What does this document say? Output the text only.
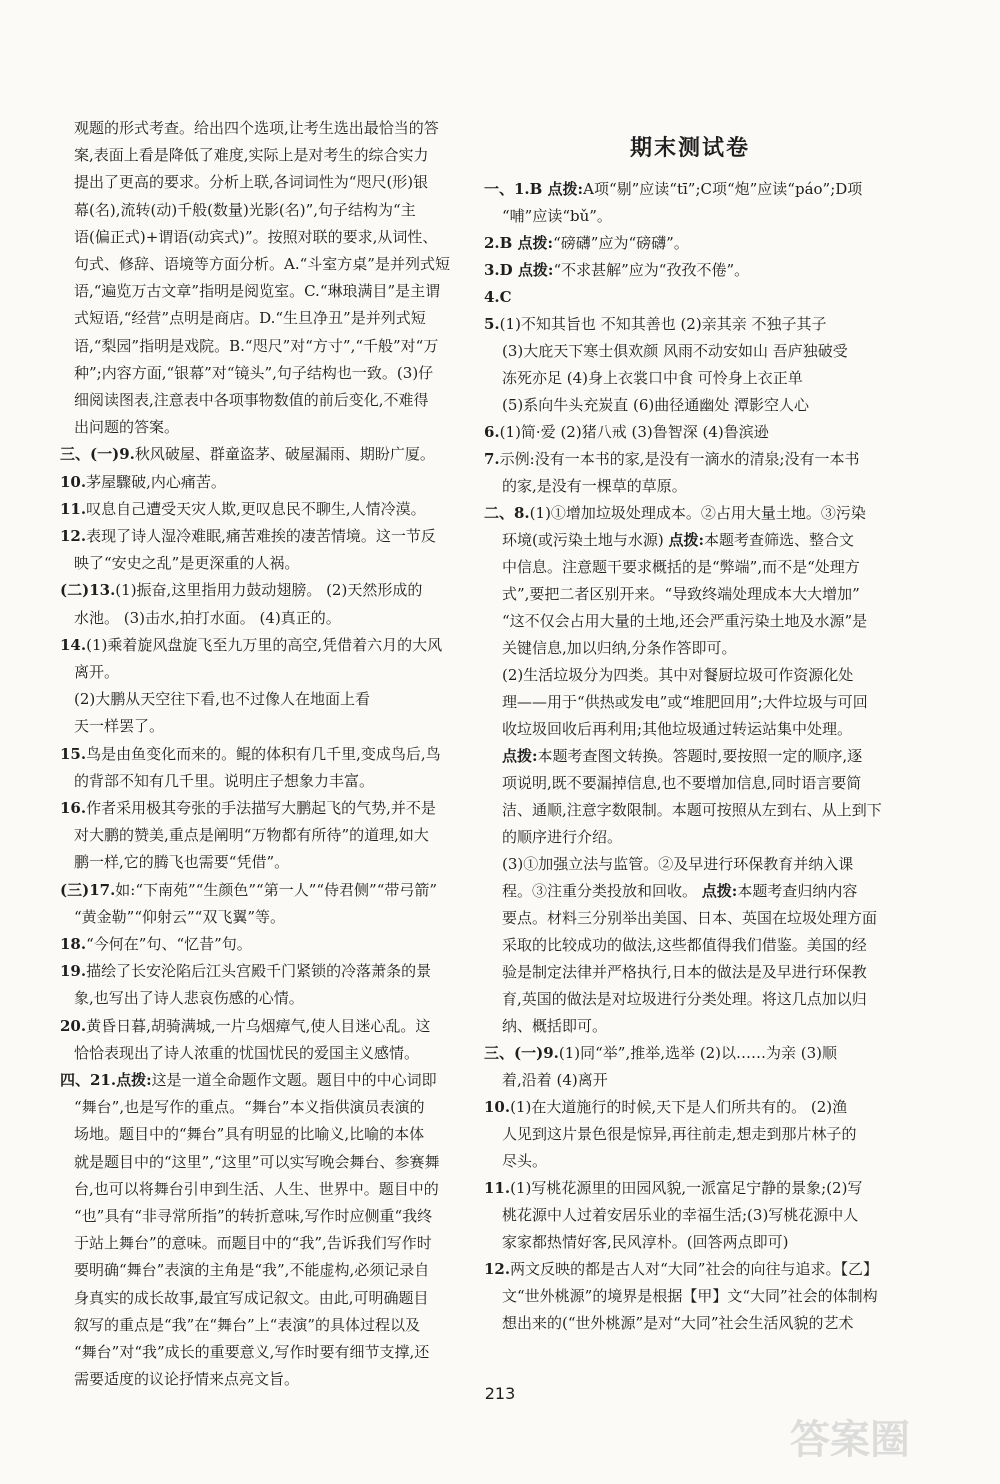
观题的形式考查。给出四个选项,让考生选出最恰当的答
案,表面上看是降低了难度,实际上是对考生的综合实力
提出了更高的要求。分析上联,各词词性为“咫尺(形)银
幕(名),流转(动)千般(数量)光影(名)”,句子结构为“主
语(偏正式)+谓语(动宾式)”。按照对联的要求,从词性、
句式、修辞、语境等方面分析。A.“斗室方桌”是并列式短
语,“遍览万古文章”指明是阅览室。C.“琳琅满目”是主谓
式短语,“经营”点明是商店。D.“生旦净丑”是并列式短
语,“梨园”指明是戏院。B.“咫尺”对“方寸”,“千般”对“万
种”;内容方面,“银幕”对“镜头”,句子结构也一致。(3)仔
细阅读图表,注意表中各项事物数值的前后变化,不难得
出问题的答案。
三、(一)9.秋风破屋、群童盗茅、破屋漏雨、期盼广厦。
10.茅屋驟破,内心痛苦。
11.叹息自己遭受天灾人欺,更叹息民不聊生,人情冷漠。
12.表现了诗人湿冷难眠,痛苦难挨的凄苦情境。这一节反
映了“安史之乱”是更深重的人祸。
(二)13.(1)振奋,这里指用力鼓动翅膀。 (2)天然形成的
水池。 (3)击水,拍打水面。 (4)真正的。
14.(1)乘着旋风盘旋飞至九万里的高空,凭借着六月的大风
离开。
(2)大鹏从天空往下看,也不过像人在地面上看
天一样罢了。
15.鸟是由鱼变化而来的。鲲的体积有几千里,变成鸟后,鸟
的背部不知有几千里。说明庄子想象力丰富。
16.作者采用极其夸张的手法描写大鹏起飞的气势,并不是
对大鹏的赞美,重点是阐明“万物都有所待”的道理,如大
鹏一样,它的腾飞也需要“凭借”。
(三)17.如:“下南苑”“生颜色”“第一人”“侍君侧”“带弓箭”
“黄金勒”“仰射云”“双飞翼”等。
18.“今何在”句、“忆昔”句。
19.描绘了长安沦陷后江头宫殿千门紧锁的冷落萧条的景
象,也写出了诗人悲哀伤感的心情。
20.黄昏日暮,胡骑满城,一片乌烟瘴气,使人目迷心乱。这
恰恰表现出了诗人浓重的忧国忧民的爱国主义感情。
四、21.点拨:这是一道全命题作文题。题目中的中心词即
“舞台”,也是写作的重点。“舞台”本义指供演员表演的
场地。题目中的“舞台”具有明显的比喻义,比喻的本体
就是题目中的“这里”,“这里”可以实写晚会舞台、参赛舞
台,也可以将舞台引申到生活、人生、世界中。题目中的
“也”具有“非寻常所指”的转折意味,写作时应侧重“我终
于站上舞台”的意味。而题目中的“我”,告诉我们写作时
要明确“舞台”表演的主角是“我”,不能虚构,必须记录自
身真实的成长故事,最宜写成记叙文。由此,可明确题目
叙写的重点是“我”在“舞台”上“表演”的具体过程以及
“舞台”对“我”成长的重要意义,写作时要有细节支撑,还
需要适度的议论抒情来点亮文旨。
期末测试卷
一、1.B 点拨:A项“剔”应读“tī”;C项“炮”应读“páo”;D项
“哺”应读“bǔ”。
2.B 点拨:“磅礴”应为“磅礴”。
3.D 点拨:“不求甚解”应为“孜孜不倦”。
4.C
5.(1)不知其旨也 不知其善也 (2)亲其亲 不独子其子
(3)大庇天下寒士俱欢颜 风雨不动安如山 吾庐独破受
冻死亦足 (4)身上衣裳口中食 可怜身上衣正单
(5)系向牛头充炭直 (6)曲径通幽处 潭影空人心
6.(1)简·爱 (2)猪八戒 (3)鲁智深 (4)鲁滨逊
7.示例:没有一本书的家,是没有一滴水的清泉;没有一本书
的家,是没有一棵草的草原。
二、8.(1)①增加垃圾处理成本。②占用大量土地。③污染
环境(或污染土地与水源) 点拨:本题考查筛选、整合文
中信息。注意题干要求概括的是“弊端”,而不是“处理方
式”,要把二者区别开来。“导致终端处理成本大大增加”
“这不仅会占用大量的土地,还会严重污染土地及水源”是
关键信息,加以归纳,分条作答即可。
(2)生活垃圾分为四类。其中对餐厨垃圾可作资源化处
理——用于“供热或发电”或“堆肥回用”;大件垃圾与可回
收垃圾回收后再利用;其他垃圾通过转运站集中处理。
点拨:本题考查图文转换。答题时,要按照一定的顺序,逐
项说明,既不要漏掉信息,也不要增加信息,同时语言要简
洁、通顺,注意字数限制。本题可按照从左到右、从上到下
的顺序进行介绍。
(3)①加强立法与监管。②及早进行环保教育并纳入课
程。③注重分类投放和回收。 点拨:本题考查归纳内容
要点。材料三分别举出美国、日本、英国在垃圾处理方面
采取的比较成功的做法,这些都值得我们借鉴。美国的经
验是制定法律并严格执行,日本的做法是及早进行环保教
育,英国的做法是对垃圾进行分类处理。将这几点加以归
纳、概括即可。
三、(一)9.(1)同“举”,推举,选举 (2)以……为亲 (3)顺
着,沿着 (4)离开
10.(1)在大道施行的时候,天下是人们所共有的。 (2)渔
人见到这片景色很是惊异,再往前走,想走到那片林子的
尽头。
11.(1)写桃花源里的田园风貌,一派富足宁静的景象;(2)写
桃花源中人过着安居乐业的幸福生活;(3)写桃花源中人
家家都热情好客,民风淳朴。(回答两点即可)
12.两文反映的都是古人对“大同”社会的向往与追求。【乙】
文“世外桃源”的境界是根据【甲】文“大同”社会的体制构
想出来的(“世外桃源”是对“大同”社会生活风貌的艺术
213
答案圈
